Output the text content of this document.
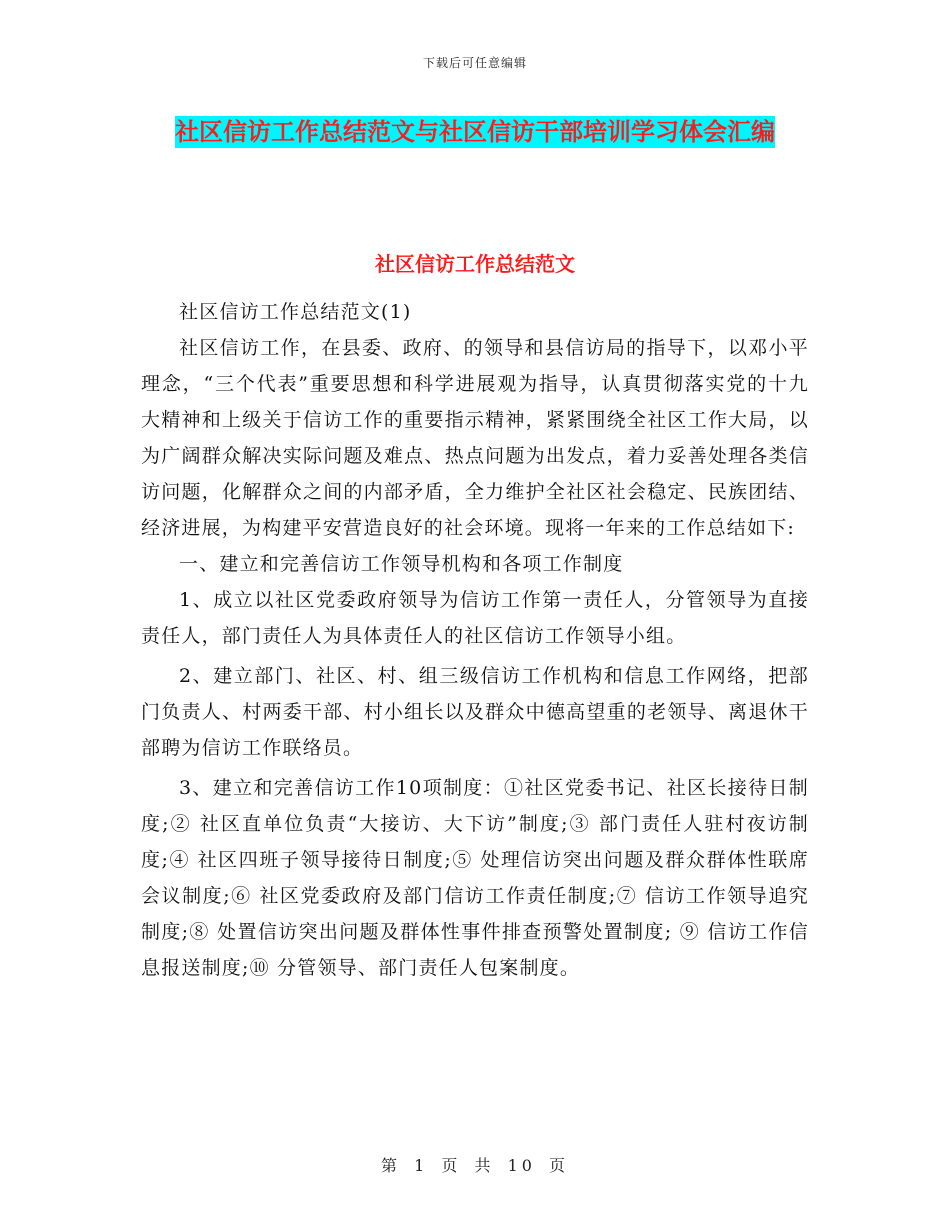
下载后可任意编辑
社区信访工作总结范文与社区信访干部培训学习体会汇编
社区信访工作总结范文

社区信访工作总结范文(1)

社区信访工作，在县委、政府、的领导和县信访局的指导下，以邓小平理念，“三个代表”重要思想和科学进展观为指导，认真贯彻落实党的十九大精神和上级关于信访工作的重要指示精神，紧紧围绕全社区工作大局，以为广阔群众解决实际问题及难点、热点问题为出发点，着力妥善处理各类信访问题，化解群众之间的内部矛盾，全力维护全社区社会稳定、民族团结、经济进展，为构建平安营造良好的社会环境。现将一年来的工作总结如下:

一、建立和完善信访工作领导机构和各项工作制度

1、成立以社区党委政府领导为信访工作第一责任人，分管领导为直接责任人，部门责任人为具体责任人的社区信访工作领导小组。

2、建立部门、社区、村、组三级信访工作机构和信息工作网络，把部门负责人、村两委干部、村小组长以及群众中德高望重的老领导、离退休干部聘为信访工作联络员。

3、建立和完善信访工作10项制度：①社区党委书记、社区长接待日制度;② 社区直单位负责“大接访、大下访”制度;③ 部门责任人驻村夜访制度;④ 社区四班子领导接待日制度;⑤ 处理信访突出问题及群众群体性联席会议制度;⑥ 社区党委政府及部门信访工作责任制度;⑦ 信访工作领导追究制度;⑧ 处置信访突出问题及群体性事件排查预警处置制度; ⑨ 信访工作信息报送制度;⑩ 分管领导、部门责任人包案制度。

第 1 页 共 10 页
